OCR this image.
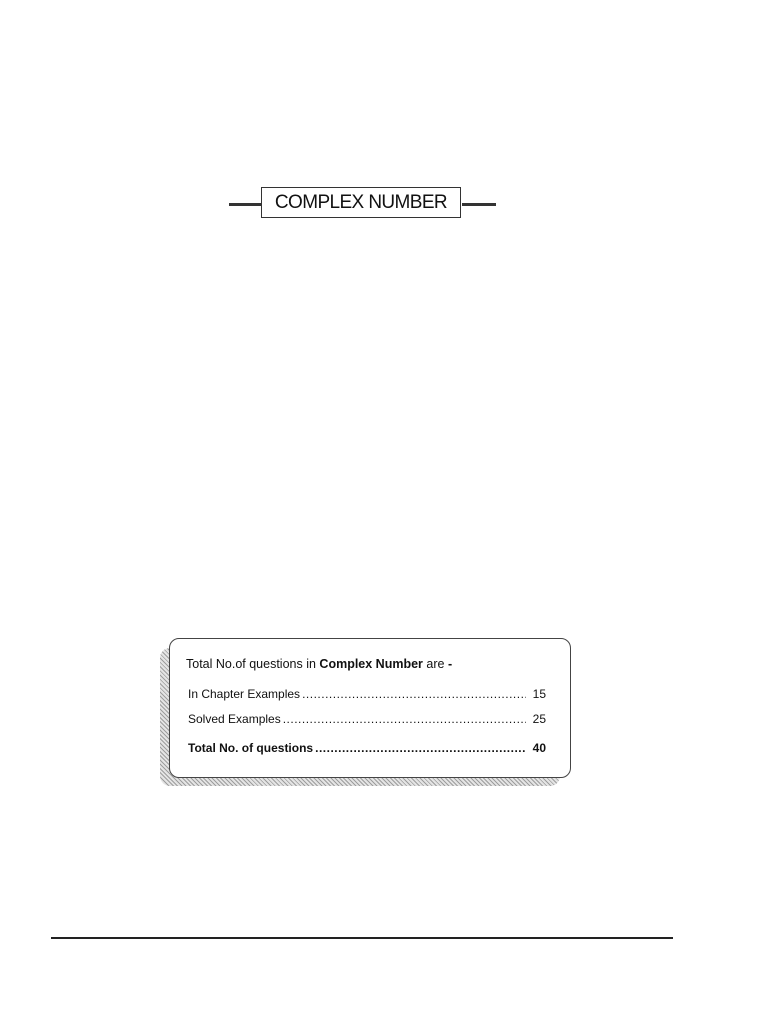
COMPLEX NUMBER
Total No.of questions in Complex Number are -
In Chapter Examples .....	15
Solved Examples .....	25
Total No. of questions .....	40
